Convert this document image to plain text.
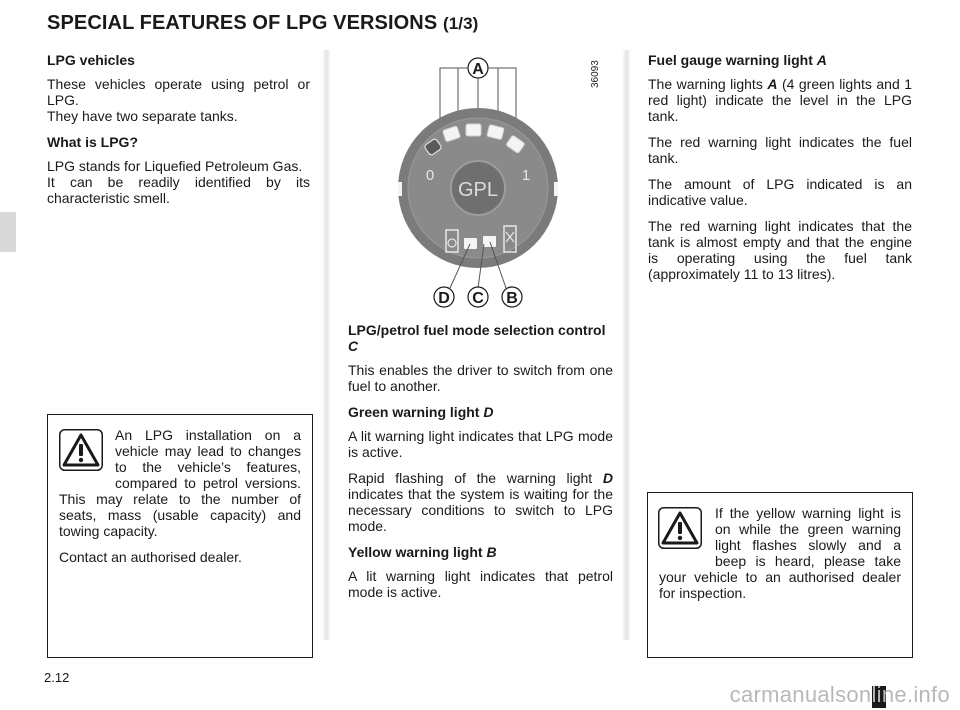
SPECIAL FEATURES OF LPG VERSIONS (1/3)
LPG vehicles

These vehicles operate using petrol or LPG.
They have two separate tanks.

What is LPG?

LPG stands for Liquefied Petroleum Gas.
It can be readily identified by its characteristic smell.

An LPG installation on a vehicle may lead to changes to the vehicle’s features, compared to petrol versions. This may relate to the number of seats, mass (usable capacity) and towing capacity.

Contact an authorised dealer.

36093
A
GPL
0	1
D C B
LPG/petrol fuel mode selection control C

This enables the driver to switch from one fuel to another.

Green warning light D

A lit warning light indicates that LPG mode is active.

Rapid flashing of the warning light D indicates that the system is waiting for the necessary conditions to switch to LPG mode.

Yellow warning light B

A lit warning light indicates that petrol mode is active.

Fuel gauge warning light A

The warning lights A (4 green lights and 1 red light) indicate the level in the LPG tank.

The red warning light indicates the fuel tank.

The amount of LPG indicated is an indicative value.

The red warning light indicates that the tank is almost empty and that the engine is operating using the fuel tank (approximately 11 to 13 litres).

If the yellow warning light is on while the green warning light flashes slowly and a beep is heard, please take your vehicle to an authorised dealer for inspection.

2.12
carmanualsonline.info
